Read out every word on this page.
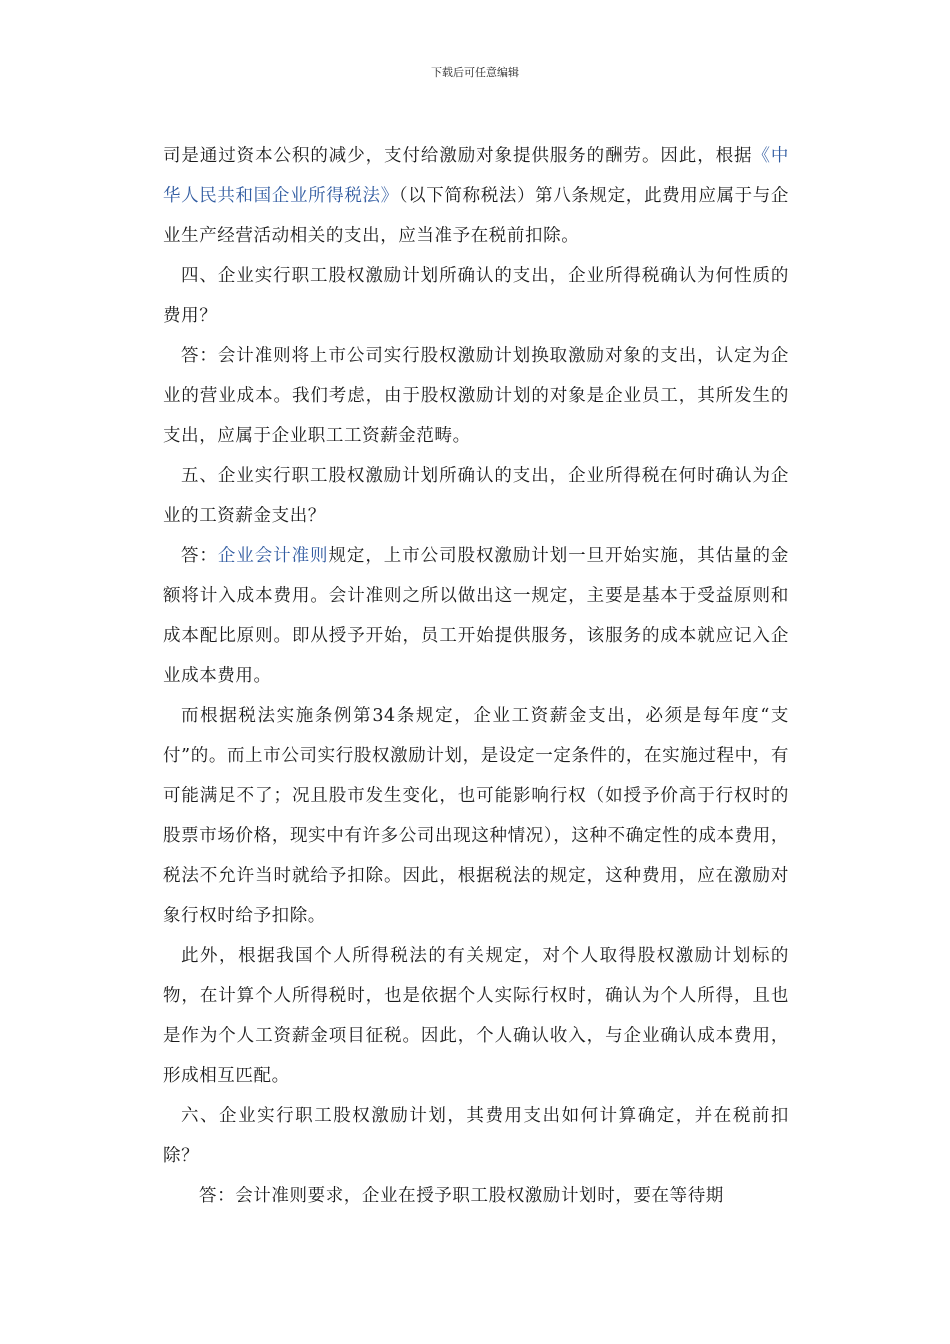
下载后可任意编辑

司是通过资本公积的减少，支付给激励对象提供服务的酬劳。因此，根据《中华人民共和国企业所得税法》（以下简称税法）第八条规定，此费用应属于与企业生产经营活动相关的支出，应当准予在税前扣除。

四、企业实行职工股权激励计划所确认的支出，企业所得税确认为何性质的费用？

答：会计准则将上市公司实行股权激励计划换取激励对象的支出，认定为企业的营业成本。我们考虑，由于股权激励计划的对象是企业员工，其所发生的支出，应属于企业职工工资薪金范畴。

五、企业实行职工股权激励计划所确认的支出，企业所得税在何时确认为企业的工资薪金支出？

答：企业会计准则规定，上市公司股权激励计划一旦开始实施，其估量的金额将计入成本费用。会计准则之所以做出这一规定，主要是基本于受益原则和成本配比原则。即从授予开始，员工开始提供服务，该服务的成本就应记入企业成本费用。

而根据税法实施条例第34条规定，企业工资薪金支出，必须是每年度“支付”的。而上市公司实行股权激励计划，是设定一定条件的，在实施过程中，有可能满足不了；况且股市发生变化，也可能影响行权（如授予价高于行权时的股票市场价格，现实中有许多公司出现这种情况），这种不确定性的成本费用，税法不允许当时就给予扣除。因此，根据税法的规定，这种费用，应在激励对象行权时给予扣除。

此外，根据我国个人所得税法的有关规定，对个人取得股权激励计划标的物，在计算个人所得税时，也是依据个人实际行权时，确认为个人所得，且也是作为个人工资薪金项目征税。因此，个人确认收入，与企业确认成本费用，形成相互匹配。

六、企业实行职工股权激励计划，其费用支出如何计算确定，并在税前扣除？

答：会计准则要求，企业在授予职工股权激励计划时，要在等待期
